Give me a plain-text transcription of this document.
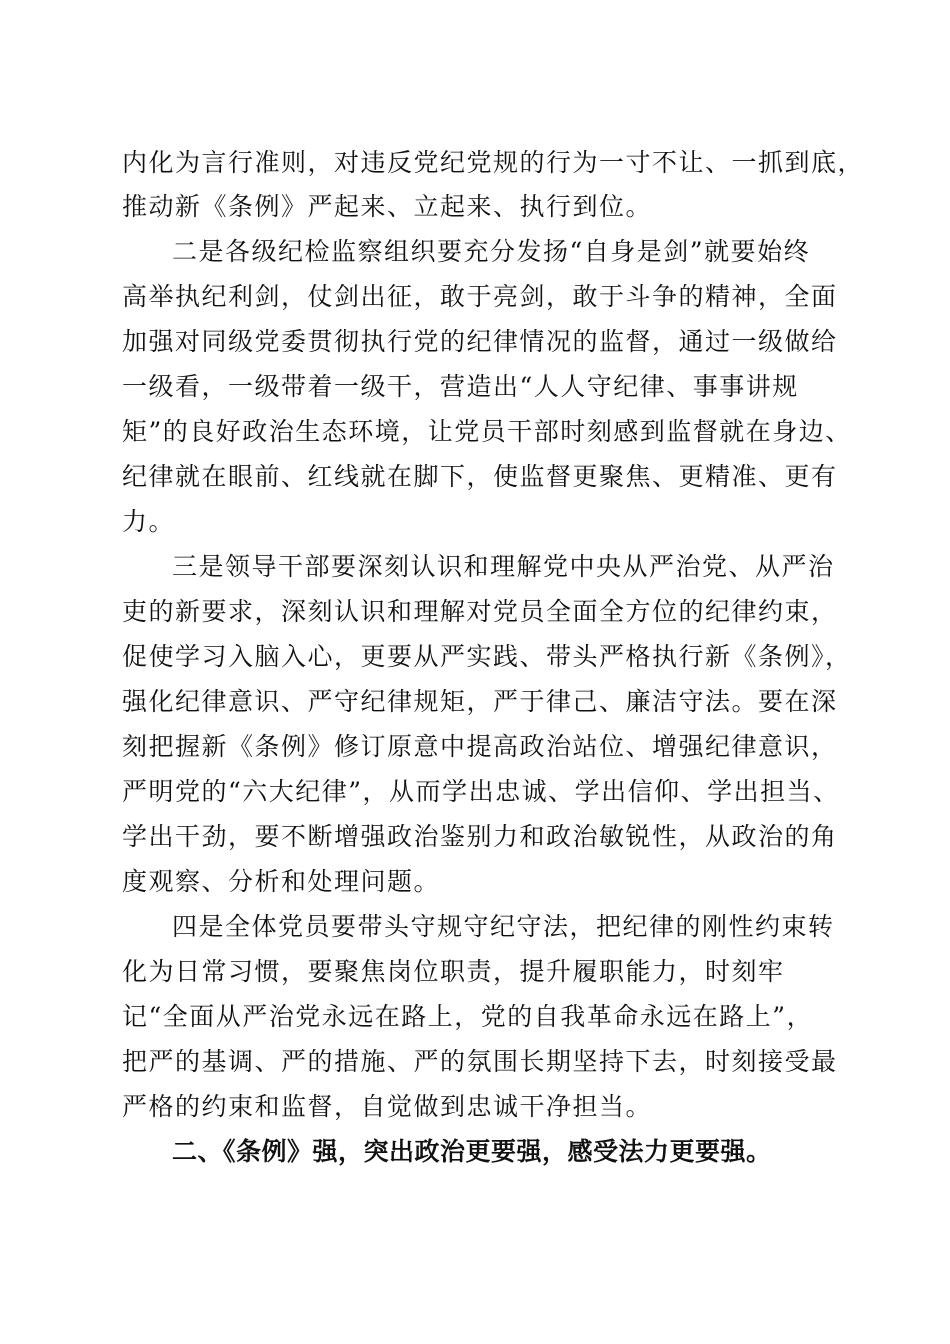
内化为言行准则，对违反党纪党规的行为一寸不让、一抓到底，
推动新《条例》严起来、立起来、执行到位。
二是各级纪检监察组织要充分发扬“自身是剑”就要始终
高举执纪利剑，仗剑出征，敢于亮剑，敢于斗争的精神，全面
加强对同级党委贯彻执行党的纪律情况的监督，通过一级做给
一级看，一级带着一级干，营造出“人人守纪律、事事讲规
矩”的良好政治生态环境，让党员干部时刻感到监督就在身边、
纪律就在眼前、红线就在脚下，使监督更聚焦、更精准、更有
力。
三是领导干部要深刻认识和理解党中央从严治党、从严治
吏的新要求，深刻认识和理解对党员全面全方位的纪律约束，
促使学习入脑入心，更要从严实践、带头严格执行新《条例》，
强化纪律意识、严守纪律规矩，严于律己、廉洁守法。要在深
刻把握新《条例》修订原意中提高政治站位、增强纪律意识，
严明党的“六大纪律”，从而学出忠诚、学出信仰、学出担当、
学出干劲，要不断增强政治鉴别力和政治敏锐性，从政治的角
度观察、分析和处理问题。
四是全体党员要带头守规守纪守法，把纪律的刚性约束转
化为日常习惯，要聚焦岗位职责，提升履职能力，时刻牢
记“全面从严治党永远在路上，党的自我革命永远在路上”，
把严的基调、严的措施、严的氛围长期坚持下去，时刻接受最
严格的约束和监督，自觉做到忠诚干净担当。
二、《条例》强，突出政治更要强，感受法力更要强。
